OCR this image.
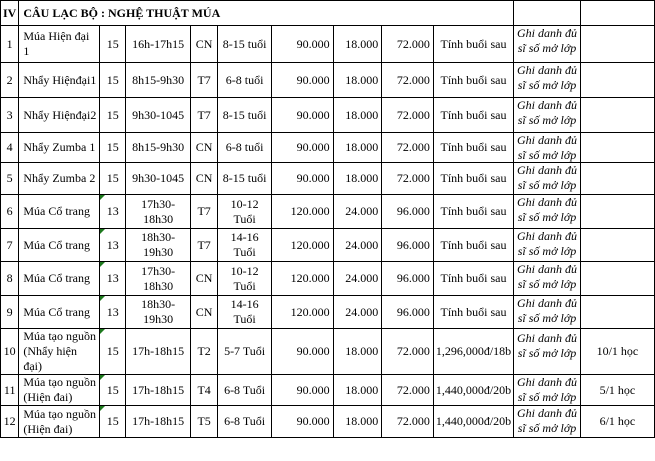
IV	CÂU LẠC BỘ : NGHỆ THUẬT MÚA										
1	Múa Hiện đại 1	15	16h-17h15	CN	8-15 tuổi	90.000	18.000	72.000	Tính buổi sau	Ghi danh đủ sĩ số mở lớp	

2	Nhẩy Hiệnđại1	15	8h15-9h30	T7	6-8 tuổi	90.000	18.000	72.000	Tính buổi sau	Ghi danh đủ sĩ số mở lớp	

3	Nhẩy Hiệnđại2	15	9h30-1045	T7	8-15 tuổi	90.000	18.000	72.000	Tính buổi sau	Ghi danh đủ sĩ số mở lớp	

4	Nhẩy Zumba 1	15	8h15-9h30	CN	6-8 tuổi	90.000	18.000	72.000	Tính buổi sau	Ghi danh đủ sĩ số mở lớp	

5	Nhẩy Zumba 2	15	9h30-1045	CN	8-15 tuổi	90.000	18.000	72.000	Tính buổi sau	Ghi danh đủ sĩ số mở lớp	

6	Múa Cổ trang	13	17h30-18h30	T7	10-12 Tuổi	120.000	24.000	96.000	Tính buổi sau	Ghi danh đủ sĩ số mở lớp	

7	Múa Cổ trang	13	18h30-19h30	T7	14-16 Tuổi	120.000	24.000	96.000	Tính buổi sau	Ghi danh đủ sĩ số mở lớp	

8	Múa Cổ trang	13	17h30-18h30	CN	10-12 Tuổi	120.000	24.000	96.000	Tính buổi sau	Ghi danh đủ sĩ số mở lớp	

9	Múa Cổ trang	13	18h30-19h30	CN	14-16 Tuổi	120.000	24.000	96.000	Tính buổi sau	Ghi danh đủ sĩ số mở lớp	

10	Múa tạo nguồn (Nhẩy hiện đại)	15	17h-18h15	T2	5-7 Tuổi	90.000	18.000	72.000	1,296,000đ/18b	Ghi danh đủ sĩ số mở lớp	10/1 học
11	Múa tạo nguồn (Hiện đai)	15	17h-18h15	T4	6-8 Tuổi	90.000	18.000	72.000	1,440,000đ/20b	Ghi danh đủ sĩ số mở lớp	5/1 học
12	Múa tạo nguồn (Hiện đai)	15	17h-18h15	T5	6-8 Tuổi	90.000	18.000	72.000	1,440,000đ/20b	Ghi danh đủ sĩ số mở lớp	6/1 học
